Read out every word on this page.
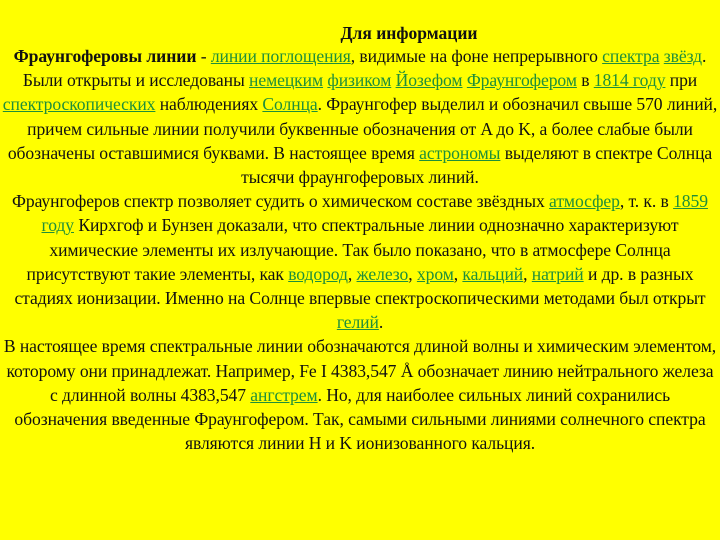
Для информации

Фраунгоферовы линии - линии поглощения, видимые на фоне непрерывного спектра звёзд. Были открыты и исследованы немецким физиком Йозефом Фраунгофером в 1814 году при спектроскопических наблюдениях Солнца. Фраунгофер выделил и обозначил свыше 570 линий, причем сильные линии получили буквенные обозначения от A до K, а более слабые были обозначены оставшимися буквами. В настоящее время астрономы выделяют в спектре Солнца тысячи фраунгоферовых линий.

Фраунгоферов спектр позволяет судить о химическом составе звёздных атмосфер, т. к. в 1859 году Кирхгоф и Бунзен доказали, что спектральные линии однозначно характеризуют химические элементы их излучающие. Так было показано, что в атмосфере Солнца присутствуют такие элементы, как водород, железо, хром, кальций, натрий и др. в разных стадиях ионизации. Именно на Солнце впервые спектроскопическими методами был открыт гелий.

В настоящее время спектральные линии обозначаются длиной волны и химическим элементом, которому они принадлежат. Например, Fe I 4383,547 Å обозначает линию нейтрального железа с длинной волны 4383,547 ангстрем. Но, для наиболее сильных линий сохранились обозначения введенные Фраунгофером. Так, самыми сильными линиями солнечного спектра являются линии H и K ионизованного кальция.
